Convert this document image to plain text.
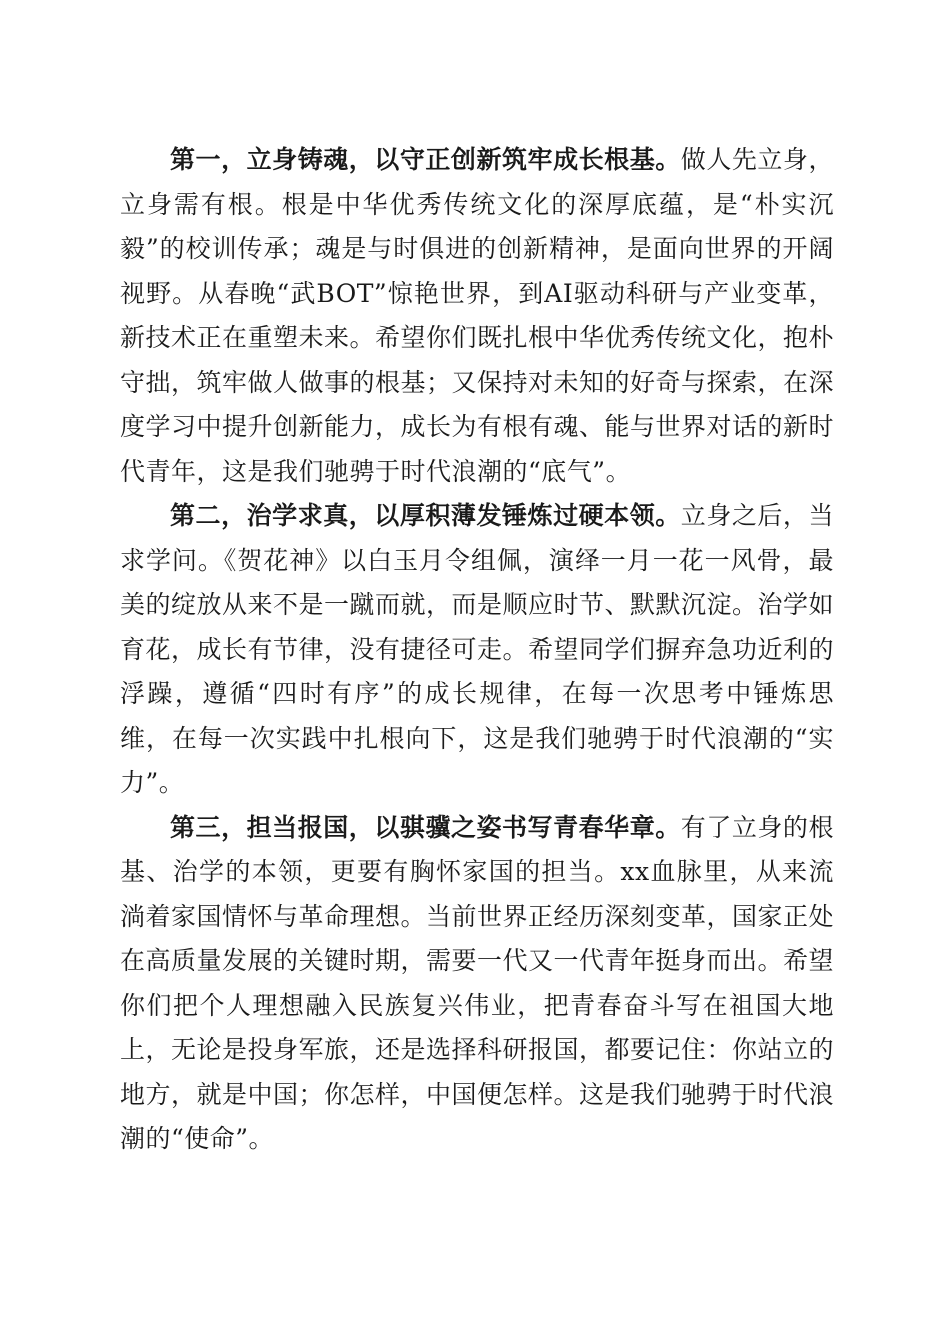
第一，立身铸魂，以守正创新筑牢成长根基。做人先立身，立身需有根。根是中华优秀传统文化的深厚底蕴，是“朴实沉毅”的校训传承；魂是与时俱进的创新精神，是面向世界的开阔视野。从春晚“武BOT”惊艳世界，到AI驱动科研与产业变革，新技术正在重塑未来。希望你们既扎根中华优秀传统文化，抱朴守拙，筑牢做人做事的根基；又保持对未知的好奇与探索，在深度学习中提升创新能力，成长为有根有魂、能与世界对话的新时代青年，这是我们驰骋于时代浪潮的“底气”。

第二，治学求真，以厚积薄发锤炼过硬本领。立身之后，当求学问。《贺花神》以白玉月令组佩，演绎一月一花一风骨，最美的绽放从来不是一蹴而就，而是顺应时节、默默沉淀。治学如育花，成长有节律，没有捷径可走。希望同学们摒弃急功近利的浮躁，遵循“四时有序”的成长规律，在每一次思考中锤炼思维，在每一次实践中扎根向下，这是我们驰骋于时代浪潮的“实力”。

第三，担当报国，以骐骥之姿书写青春华章。有了立身的根基、治学的本领，更要有胸怀家国的担当。xx血脉里，从来流淌着家国情怀与革命理想。当前世界正经历深刻变革，国家正处在高质量发展的关键时期，需要一代又一代青年挺身而出。希望你们把个人理想融入民族复兴伟业，把青春奋斗写在祖国大地上，无论是投身军旅，还是选择科研报国，都要记住：你站立的地方，就是中国；你怎样，中国便怎样。这是我们驰骋于时代浪潮的“使命”。
